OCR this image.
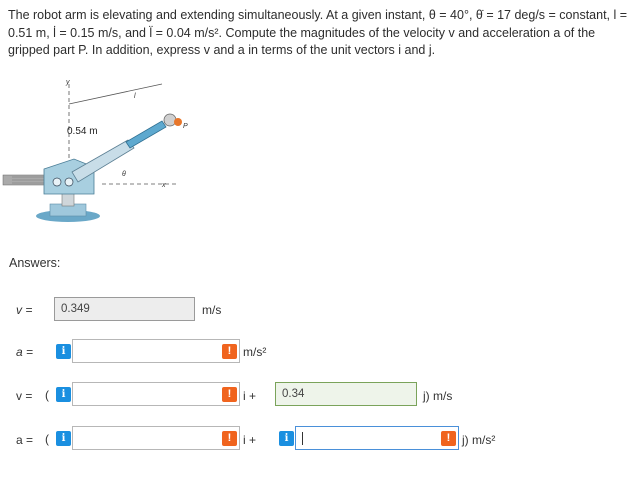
The robot arm is elevating and extending simultaneously. At a given instant, θ = 40°, θ̇ = 17 deg/s = constant, l =
0.51 m, l̇ = 0.15 m/s, and l̈ = 0.04 m/s². Compute the magnitudes of the velocity v and acceleration a of the
gripped part P. In addition, express v and a in terms of the unit vectors i and j.
y
l
0.54 m
x
θ
P
Answers:
v =	0.349	m/s
a =	i	! m/s²
v = (	i	! i +	0.34	j) m/s
a = (	i	! i +	i	! j) m/s²
